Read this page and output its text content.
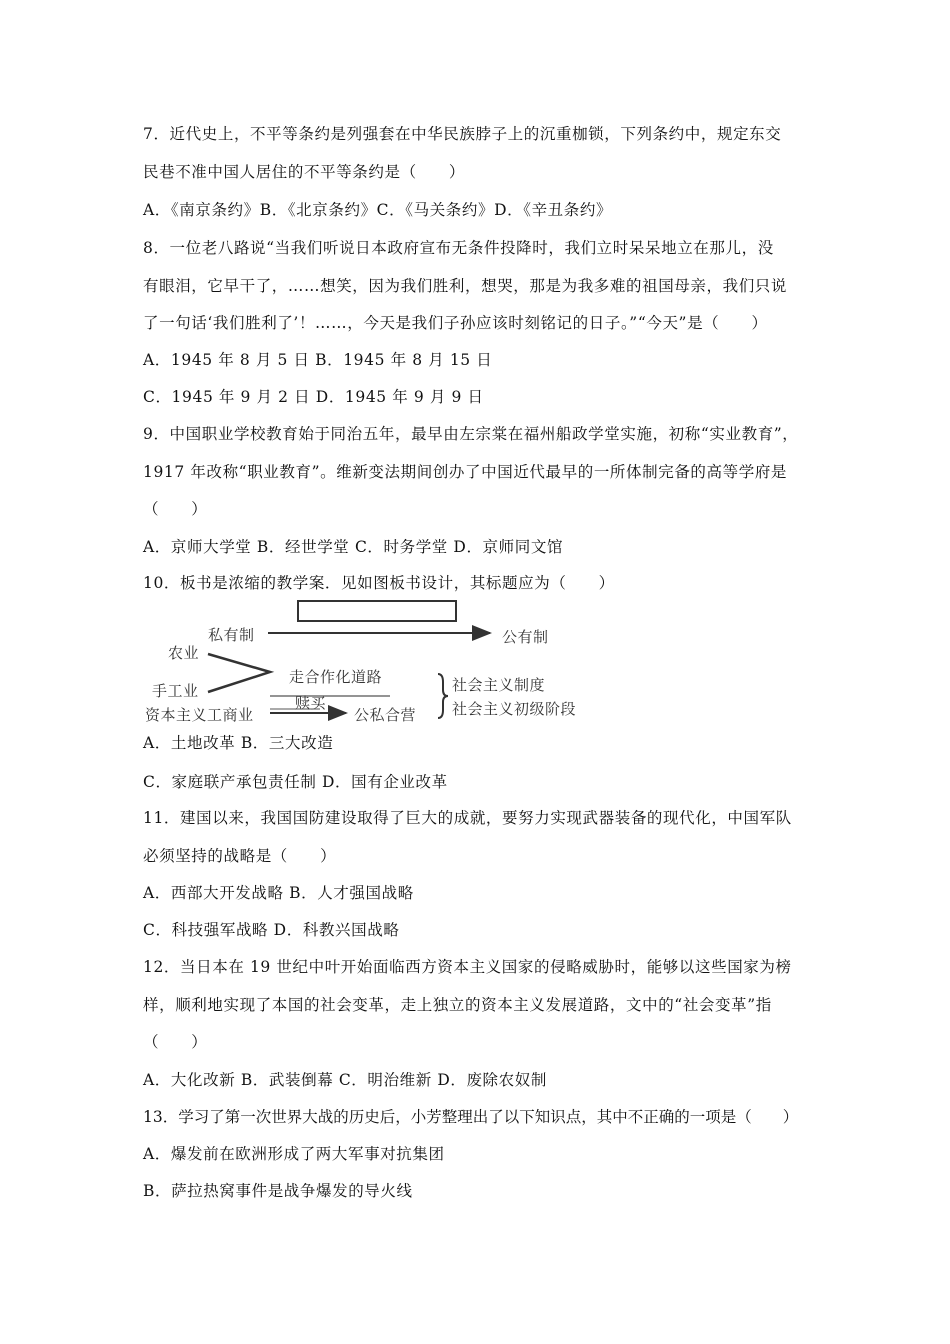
7．近代史上，不平等条约是列强套在中华民族脖子上的沉重枷锁，下列条约中，规定东交
民巷不准中国人居住的不平等条约是（　　）
A．《南京条约》B．《北京条约》C．《马关条约》D．《辛丑条约》
8．一位老八路说“当我们听说日本政府宣布无条件投降时，我们立时呆呆地立在那儿，没
有眼泪，它早干了，……想笑，因为我们胜利，想哭，那是为我多难的祖国母亲，我们只说
了一句话‘我们胜利了’！……，今天是我们子孙应该时刻铭记的日子。”“今天”是（　　）
A．1945 年 8 月 5 日 B．1945 年 8 月 15 日
C．1945 年 9 月 2 日 D．1945 年 9 月 9 日
9．中国职业学校教育始于同治五年，最早由左宗棠在福州船政学堂实施，初称“实业教育”，
1917 年改称“职业教育”。维新变法期间创办了中国近代最早的一所体制完备的高等学府是
（　　）
A．京师大学堂 B．经世学堂 C．时务学堂 D．京师同文馆
10．板书是浓缩的教学案．见如图板书设计，其标题应为（　　）
私有制	公有制
农业
走合作化道路
手工业
赎买
社会主义制度
资本主义工商业	公私合营 社会主义初级阶段
A．土地改革 B．三大改造
C．家庭联产承包责任制 D．国有企业改革
11．建国以来，我国国防建设取得了巨大的成就，要努力实现武器装备的现代化，中国军队
必须坚持的战略是（　　）
A．西部大开发战略 B．人才强国战略
C．科技强军战略 D．科教兴国战略
12．当日本在 19 世纪中叶开始面临西方资本主义国家的侵略威胁时，能够以这些国家为榜
样，顺利地实现了本国的社会变革，走上独立的资本主义发展道路，文中的“社会变革”指
（　　）
A．大化改新 B．武装倒幕 C．明治维新 D．废除农奴制
13．学习了第一次世界大战的历史后，小芳整理出了以下知识点，其中不正确的一项是（　　）
A．爆发前在欧洲形成了两大军事对抗集团
B．萨拉热窝事件是战争爆发的导火线
